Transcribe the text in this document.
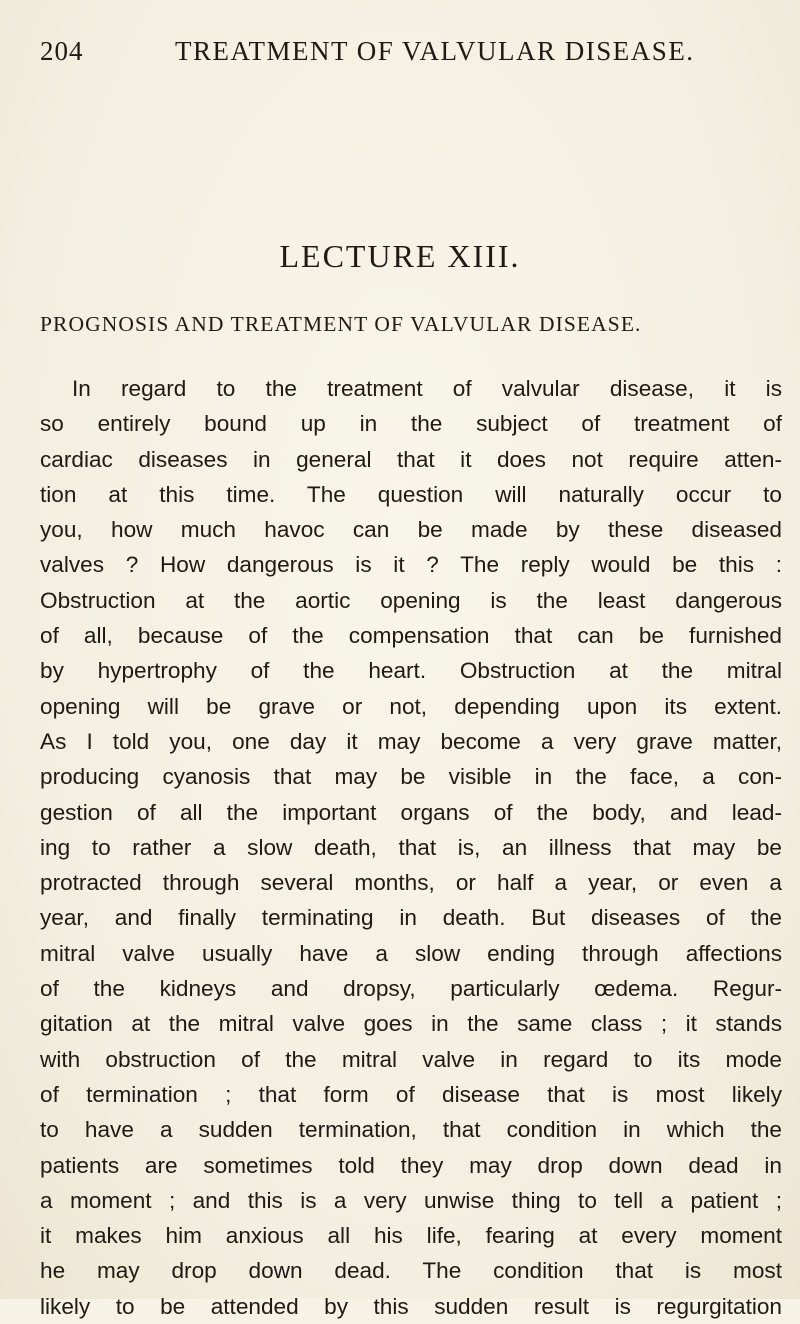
204	TREATMENT OF VALVULAR DISEASE.
LECTURE XIII.
PROGNOSIS AND TREATMENT OF VALVULAR DISEASE.
In regard to the treatment of valvular disease, it is
so entirely bound up in the subject of treatment of
cardiac diseases in general that it does not require atten-
tion at this time. The question will naturally occur to
you, how much havoc can be made by these diseased
valves ? How dangerous is it ? The reply would be this :
Obstruction at the aortic opening is the least dangerous
of all, because of the compensation that can be furnished
by hypertrophy of the heart. Obstruction at the mitral
opening will be grave or not, depending upon its extent.
As I told you, one day it may become a very grave matter,
producing cyanosis that may be visible in the face, a con-
gestion of all the important organs of the body, and lead-
ing to rather a slow death, that is, an illness that may be
protracted through several months, or half a year, or even a
year, and finally terminating in death. But diseases of the
mitral valve usually have a slow ending through affections
of the kidneys and dropsy, particularly œdema. Regur-
gitation at the mitral valve goes in the same class ; it stands
with obstruction of the mitral valve in regard to its mode
of termination ; that form of disease that is most likely
to have a sudden termination, that condition in which the
patients are sometimes told they may drop down dead in
a moment ; and this is a very unwise thing to tell a patient ;
it makes him anxious all his life, fearing at every moment
he may drop down dead. The condition that is most
likely to be attended by this sudden result is regurgitation
